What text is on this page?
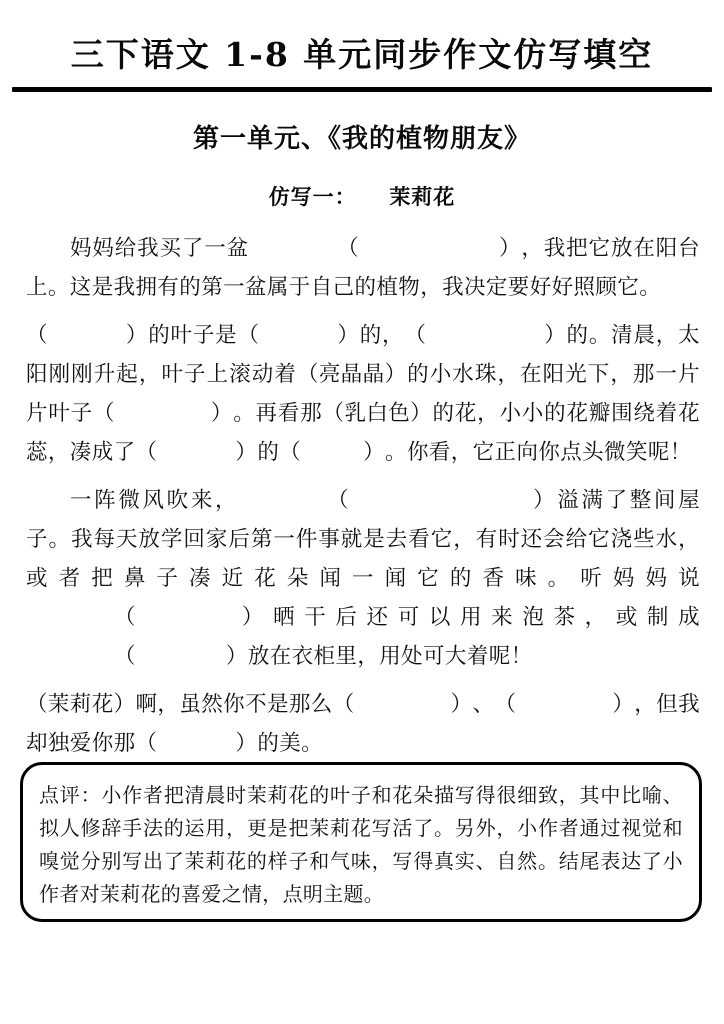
三下语文 1-8 单元同步作文仿写填空
第一单元、《我的植物朋友》
仿写一： 茉莉花

妈妈给我买了一盆	（	），我把它放在阳台上。这是我拥有的第一盆属于自己的植物，我决定要好好照顾它。

（	）的叶子是（	）的，（	）的。清晨，太阳刚刚升起，叶子上滚动着（亮晶晶）的小水珠，在阳光下，那一片片叶子（	）。再看那（乳白色）的花，小小的花瓣围绕着花蕊，凑成了（	）的（	）。你看，它正向你点头微笑呢！

一阵微风吹来，	（	）溢满了整间屋子。我每天放学回家后第一件事就是去看它，有时还会给它浇些水，或者把鼻子凑近花朵闻一闻它的香味。听妈妈说（	）晒干后还可以用来泡茶，或制成（	）放在衣柜里，用处可大着呢！

（茉莉花）啊，虽然你不是那么（	）、（	），但我却独爱你那（	）的美。

点评：小作者把清晨时茉莉花的叶子和花朵描写得很细致，其中比喻、拟人修辞手法的运用，更是把茉莉花写活了。另外，小作者通过视觉和嗅觉分别写出了茉莉花的样子和气味，写得真实、自然。结尾表达了小作者对茉莉花的喜爱之情，点明主题。
